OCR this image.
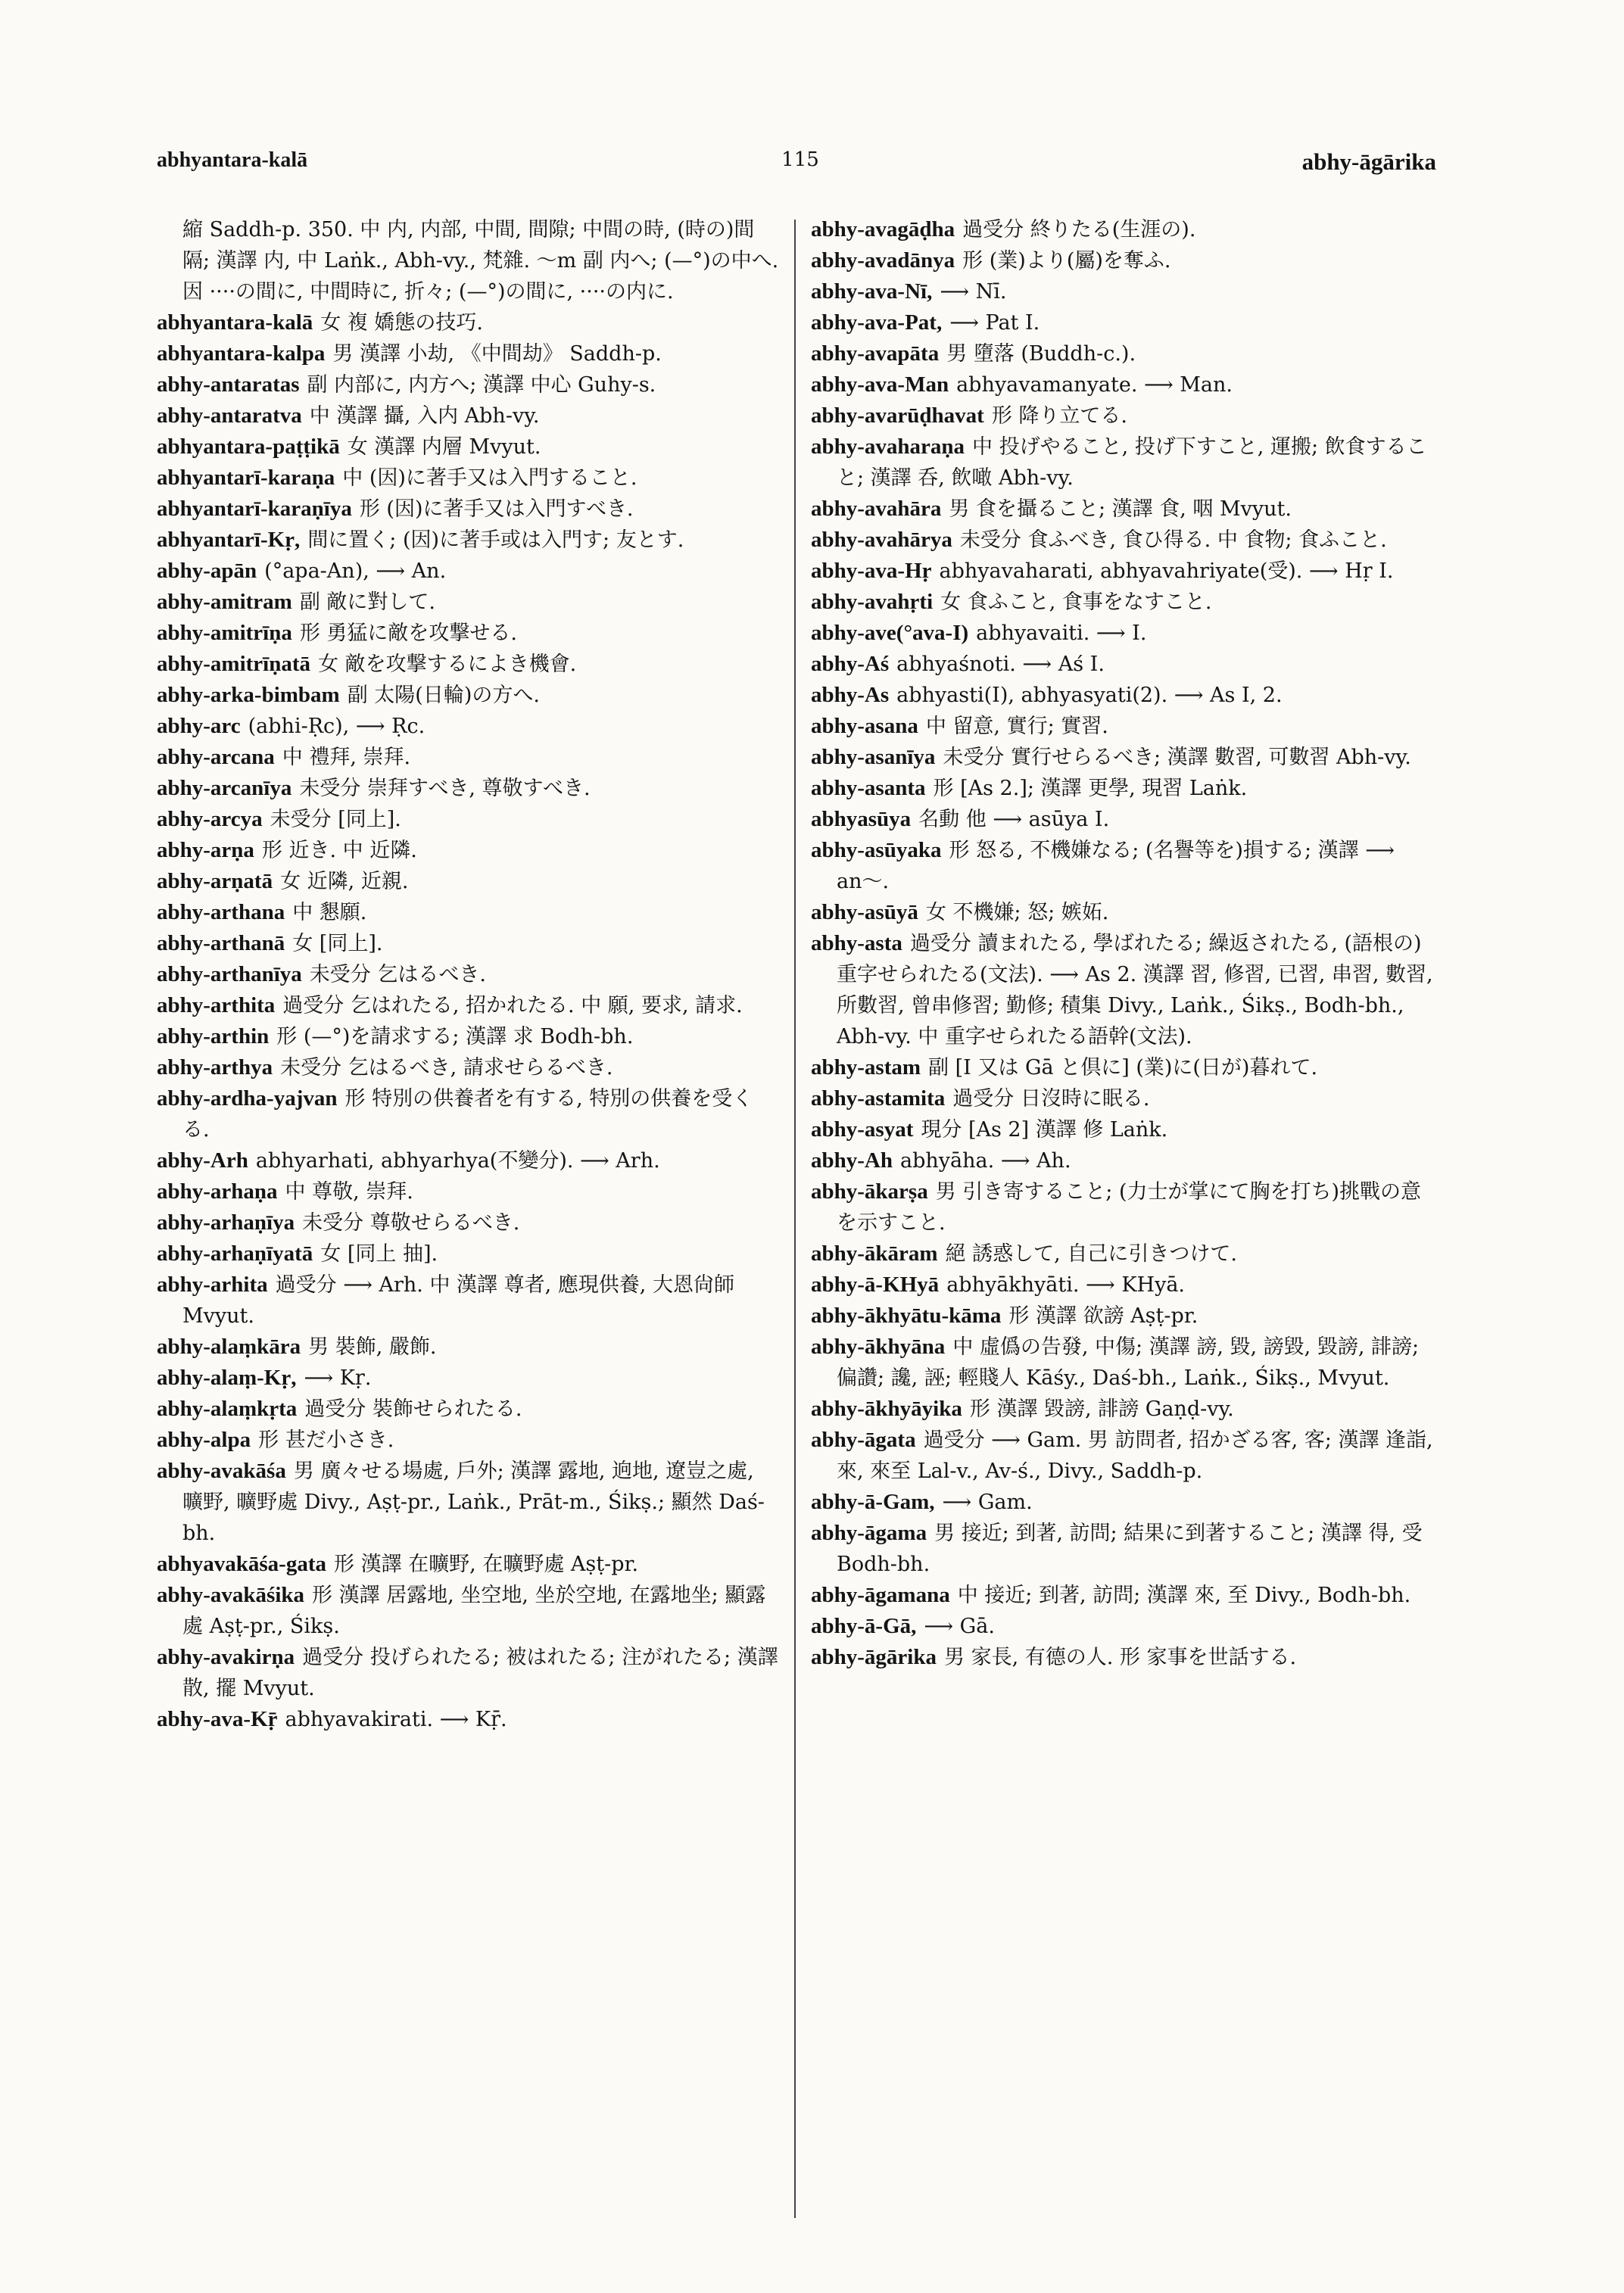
abhyantara-kalā	115	abhy-āgārika

縮 Saddh-p. 350. 中 内, 内部, 中間, 間隙; 中間の時, (時の)間隔; 漢譯 内, 中 Laṅk., Abh-vy., 梵雜. 〜m 副 内へ; (—°)の中へ. 因 ····の間に, 中間時に, 折々; (—°)の間に, ····の内に.

abhyantara-kalā 女 複 嬌態の技巧.

abhyantara-kalpa 男 漢譯 小劫, 《中間劫》 Saddh-p.

abhy-antaratas 副 内部に, 内方へ; 漢譯 中心 Guhy-s.

abhy-antaratva 中 漢譯 攝, 入内 Abh-vy.

abhyantara-paṭṭikā 女 漢譯 内層 Mvyut.

abhyantarī-karaṇa 中 (因)に著手又は入門すること.

abhyantarī-karaṇīya 形 (因)に著手又は入門すべき.

abhyantarī-Kṛ, 間に置く; (因)に著手或は入門す; 友とす.

abhy-apān (°apa-An), ⟶ An.

abhy-amitram 副 敵に對して.

abhy-amitrīṇa 形 勇猛に敵を攻撃せる.

abhy-amitrīṇatā 女 敵を攻撃するによき機會.

abhy-arka-bimbam 副 太陽(日輪)の方へ.

abhy-arc (abhi-Ṛc), ⟶ Ṛc.

abhy-arcana 中 禮拜, 崇拜.

abhy-arcanīya 未受分 崇拜すべき, 尊敬すべき.

abhy-arcya 未受分 [同上].

abhy-arṇa 形 近き. 中 近隣.

abhy-arṇatā 女 近隣, 近親.

abhy-arthana 中 懇願.

abhy-arthanā 女 [同上].

abhy-arthanīya 未受分 乞はるべき.

abhy-arthita 過受分 乞はれたる, 招かれたる. 中 願, 要求, 請求.

abhy-arthin 形 (—°)を請求する; 漢譯 求 Bodh-bh.

abhy-arthya 未受分 乞はるべき, 請求せらるべき.

abhy-ardha-yajvan 形 特別の供養者を有する, 特別の供養を受くる.

abhy-Arh abhyarhati, abhyarhya(不變分). ⟶ Arh.

abhy-arhaṇa 中 尊敬, 崇拜.

abhy-arhaṇīya 未受分 尊敬せらるべき.

abhy-arhaṇīyatā 女 [同上 抽].

abhy-arhita 過受分 ⟶ Arh. 中 漢譯 尊者, 應現供養, 大恩尙師 Mvyut.

abhy-alaṃkāra 男 裝飾, 嚴飾.

abhy-alaṃ-Kṛ, ⟶ Kṛ.

abhy-alaṃkṛta 過受分 裝飾せられたる.

abhy-alpa 形 甚だ小さき.

abhy-avakāśa 男 廣々せる場處, 戶外; 漢譯 露地, 逈地, 遼豈之處, 曠野, 曠野處 Divy., Aṣṭ-pr., Laṅk., Prāt-m., Śikṣ.; 顯然 Daś-bh.

abhyavakāśa-gata 形 漢譯 在曠野, 在曠野處 Aṣṭ-pr.

abhy-avakāśika 形 漢譯 居露地, 坐空地, 坐於空地, 在露地坐; 顯露處 Aṣṭ-pr., Śikṣ.

abhy-avakirṇa 過受分 投げられたる; 被はれたる; 注がれたる; 漢譯 散, 擺 Mvyut.

abhy-ava-Kṝ abhyavakirati. ⟶ Kṝ.

abhy-avagāḍha 過受分 終りたる(生涯の).

abhy-avadānya 形 (業)より(屬)を奪ふ.

abhy-ava-Nī, ⟶ Nī.

abhy-ava-Pat, ⟶ Pat I.

abhy-avapāta 男 墮落 (Buddh-c.).

abhy-ava-Man abhyavamanyate. ⟶ Man.

abhy-avarūḍhavat 形 降り立てる.

abhy-avaharaṇa 中 投げやること, 投げ下すこと, 運搬; 飲食すること; 漢譯 呑, 飲噉 Abh-vy.

abhy-avahāra 男 食を攝ること; 漢譯 食, 咽 Mvyut.

abhy-avahārya 未受分 食ふべき, 食ひ得る. 中 食物; 食ふこと.

abhy-ava-Hṛ abhyavaharati, abhyavahriyate(受). ⟶ Hṛ I.

abhy-avahṛti 女 食ふこと, 食事をなすこと.

abhy-ave(°ava-I) abhyavaiti. ⟶ I.

abhy-Aś abhyaśnoti. ⟶ Aś I.

abhy-As abhyasti(I), abhyasyati(2). ⟶ As I, 2.

abhy-asana 中 留意, 實行; 實習.

abhy-asanīya 未受分 實行せらるべき; 漢譯 數習, 可數習 Abh-vy.

abhy-asanta 形 [As 2.]; 漢譯 更學, 現習 Laṅk.

abhyasūya 名動 他 ⟶ asūya I.

abhy-asūyaka 形 怒る, 不機嫌なる; (名譽等を)損する; 漢譯 ⟶ an〜.

abhy-asūyā 女 不機嫌; 怒; 嫉妬.

abhy-asta 過受分 讀まれたる, 學ばれたる; 繰返されたる, (語根の)重字せられたる(文法). ⟶ As 2. 漢譯 習, 修習, 已習, 串習, 數習, 所數習, 曾串修習; 勤修; 積集 Divy., Laṅk., Śikṣ., Bodh-bh., Abh-vy. 中 重字せられたる語幹(文法).

abhy-astam 副 [I 又は Gā と倶に] (業)に(日が)暮れて.

abhy-astamita 過受分 日沒時に眠る.

abhy-asyat 現分 [As 2] 漢譯 修 Laṅk.

abhy-Ah abhyāha. ⟶ Ah.

abhy-ākarṣa 男 引き寄すること; (力士が掌にて胸を打ち)挑戰の意を示すこと.

abhy-ākāram 絕 誘惑して, 自己に引きつけて.

abhy-ā-KHyā abhyākhyāti. ⟶ KHyā.

abhy-ākhyātu-kāma 形 漢譯 欲謗 Aṣṭ-pr.

abhy-ākhyāna 中 虛僞の告發, 中傷; 漢譯 謗, 毀, 謗毀, 毀謗, 誹謗; 偏讚; 讒, 誣; 輕賤人 Kāśy., Daś-bh., Laṅk., Śikṣ., Mvyut.

abhy-ākhyāyika 形 漢譯 毀謗, 誹謗 Gaṇḍ-vy.

abhy-āgata 過受分 ⟶ Gam. 男 訪問者, 招かざる客, 客; 漢譯 逢詣, 來, 來至 Lal-v., Av-ś., Divy., Saddh-p.

abhy-ā-Gam, ⟶ Gam.

abhy-āgama 男 接近; 到著, 訪問; 結果に到著すること; 漢譯 得, 受 Bodh-bh.

abhy-āgamana 中 接近; 到著, 訪問; 漢譯 來, 至 Divy., Bodh-bh.

abhy-ā-Gā, ⟶ Gā.

abhy-āgārika 男 家長, 有德の人. 形 家事を世話する.
